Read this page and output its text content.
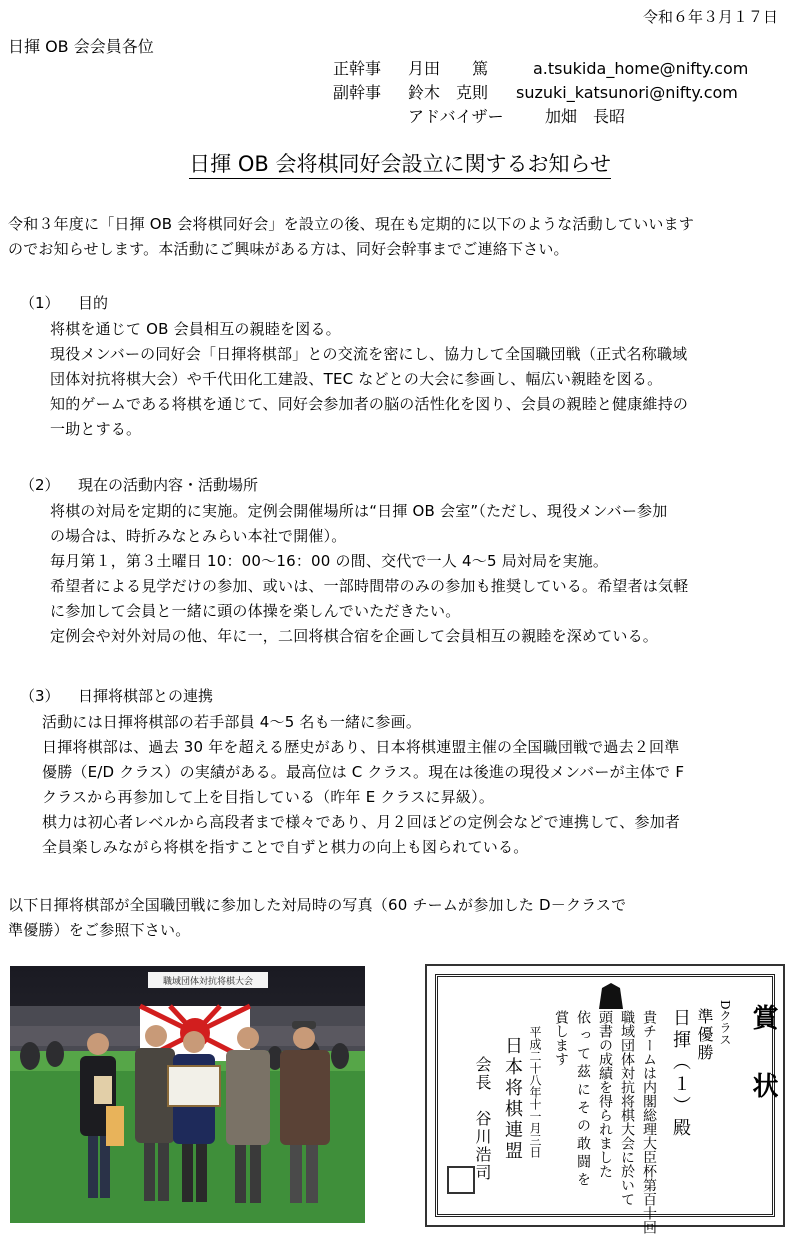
令和６年３月１７日
日揮 OB 会会員各位
正幹事 月田　　篤	a.tsukida_home@nifty.com
副幹事 鈴木　克則 suzuki_katsunori@nifty.com
アドバイザー	加畑　長昭
日揮 OB 会将棋同好会設立に関するお知らせ
令和３年度に「日揮 OB 会将棋同好会」を設立の後、現在も定期的に以下のような活動していいます
のでお知らせします。本活動にご興味がある方は、同好会幹事までご連絡下さい。
（1） 目的
将棋を通じて OB 会員相互の親睦を図る。
現役メンバーの同好会「日揮将棋部」との交流を密にし、協力して全国職団戦（正式名称職域
団体対抗将棋大会）や千代田化工建設、TEC などとの大会に参画し、幅広い親睦を図る。
知的ゲームである将棋を通じて、同好会参加者の脳の活性化を図り、会員の親睦と健康維持の
一助とする。
（2） 現在の活動内容・活動場所
将棋の対局を定期的に実施。定例会開催場所は“日揮 OB 会室”（ただし、現役メンバー参加
の場合は、時折みなとみらい本社で開催）。
毎月第１，第３土曜日 10：00～16：00 の間、交代で一人 4～5 局対局を実施。
希望者による見学だけの参加、或いは、一部時間帯のみの参加も推奨している。希望者は気軽
に参加して会員と一緒に頭の体操を楽しんでいただきたい。
定例会や対外対局の他、年に一，二回将棋合宿を企画して会員相互の親睦を深めている。
（3） 日揮将棋部との連携
活動には日揮将棋部の若手部員 4～5 名も一緒に参画。
日揮将棋部は、過去 30 年を超える歴史があり、日本将棋連盟主催の全国職団戦で過去２回準
優勝（E/D クラス）の実績がある。最高位は C クラス。現在は後進の現役メンバーが主体で F
クラスから再参加して上を目指している（昨年 E クラスに昇級）。
棋力は初心者レベルから高段者まで様々であり、月２回ほどの定例会などで連携して、参加者
全員楽しみながら将棋を指すことで自ずと棋力の向上も図られている。
以下日揮将棋部が全国職団戦に参加した対局時の写真（60 チームが参加した D－クラスで
準優勝）をご参照下さい。
職域団体対抗将棋大会
賞　状
Dクラス
準優勝
日揮（１）殿
貴チームは内閣総理大臣杯第百十回
職域団体対抗将棋大会に於いて
頭書の成績を得られました
依って茲にその敢闘を
賞します
平成二十八年十一月三日
日本将棋連盟
会長　谷川浩司
